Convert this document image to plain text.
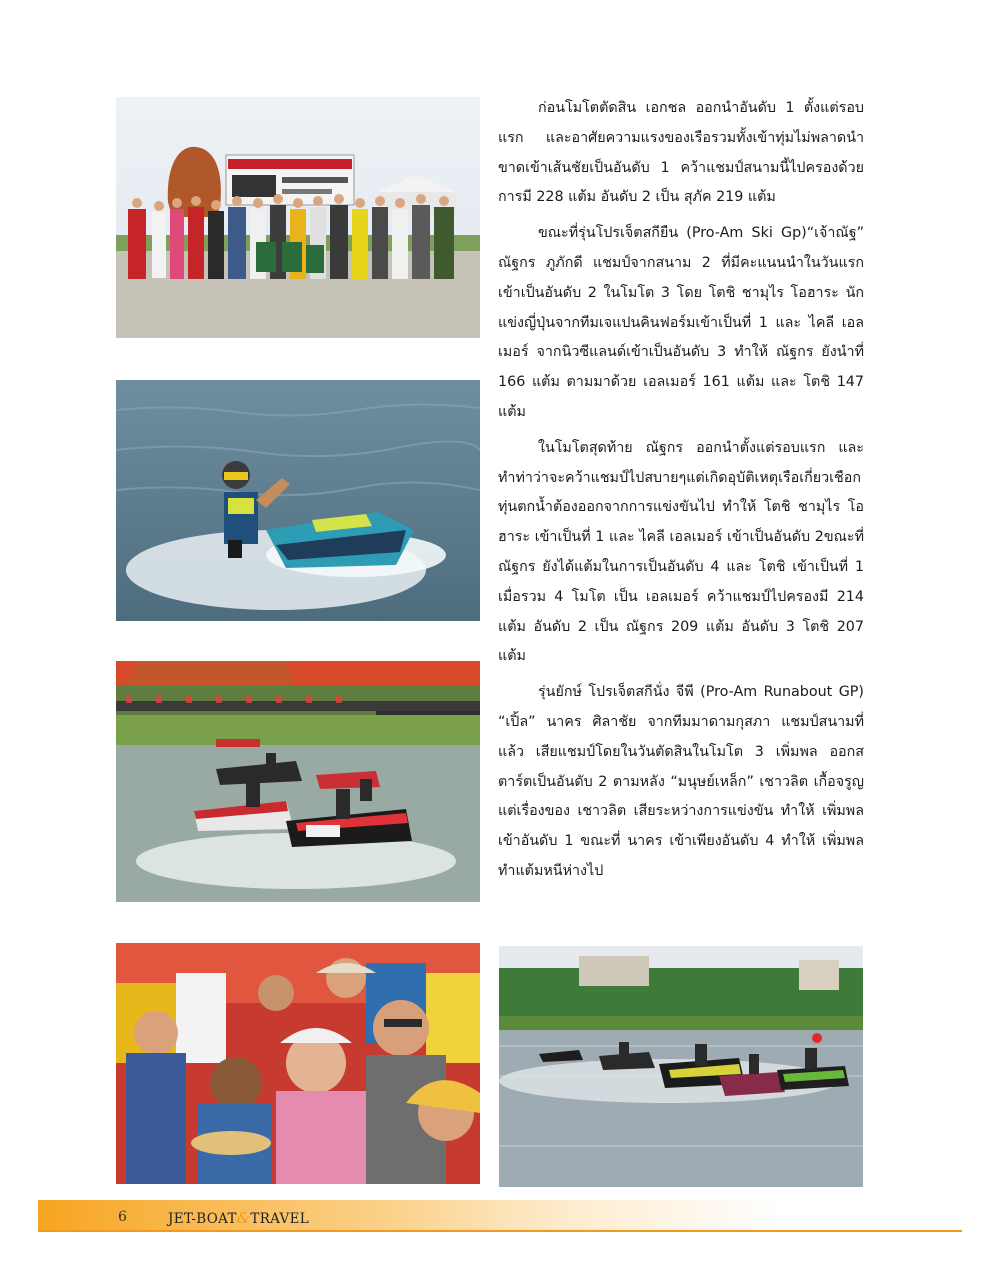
ก่อนโมโตตัดสิน เอกชล ออกนำอันดับ 1 ตั้งแต่รอบแรก และอาศัยความแรงของเรือรวมทั้งเข้าทุ่มไม่พลาดนำขาดเข้าเส้นชัยเป็นอันดับ 1 คว้าแชมป์สนามนี้ไปครองด้วยการมี 228 แต้ม อันดับ 2 เป็น สุภัค 219 แต้ม

ขณะที่รุ่นโปรเจ็ตสกียืน (Pro-Am Ski Gp)“เจ้าณัฐ” ณัฐกร ภูภักดี แชมป์จากสนาม 2 ที่มีคะแนนนำในวันแรก เข้าเป็นอันดับ 2 ในโมโต 3 โดย โตชิ ชามุไร โอฮาระ นักแข่งญี่ปุ่นจากทีมเจแปนคินฟอร์มเข้าเป็นที่ 1 และ ไคลี เอลเมอร์ จากนิวซีแลนด์เข้าเป็นอันดับ 3 ทำให้ ณัฐกร ยังนำที่ 166 แต้ม ตามมาด้วย เอลเมอร์ 161 แต้ม และ โตชิ 147 แต้ม

ในโมโตสุดท้าย ณัฐกร ออกนำตั้งแต่รอบแรก และทำท่าว่าจะคว้าแชมป์ไปสบายๆแต่เกิดอุบัติเหตุเรือเกี่ยวเชือกทุ่นตกน้ำต้องออกจากการแข่งขันไป ทำให้ โตชิ ชามุไร โอฮาระ เข้าเป็นที่ 1 และ ไคลี เอลเมอร์ เข้าเป็นอันดับ 2ขณะที่ ณัฐกร ยังได้แต้มในการเป็นอันดับ 4 และ โตชิ เข้าเป็นที่ 1 เมื่อรวม 4 โมโต เป็น เอลเมอร์ คว้าแชมป์ไปครองมี 214 แต้ม อันดับ 2 เป็น ณัฐกร 209 แต้ม อันดับ 3 โตชิ 207 แต้ม

รุ่นยักษ์ โปรเจ็ตสกีนั่ง จีพี (Pro-Am Runabout GP) “เปิ้ล” นาคร ศิลาชัย จากทีมมาดามกุสภา แชมป์สนามที่แล้ว เสียแชมป์โดยในวันตัดสินในโมโต 3 เพิ่มพล ออกสตาร์ตเป็นอันดับ 2 ตามหลัง “มนุษย์เหล็ก” เชาวลิต เกื้อจรูญ แต่เรื่องของ เชาวลิต เสียระหว่างการแข่งขัน ทำให้ เพิ่มพล เข้าอันดับ 1 ขณะที่ นาคร เข้าเพียงอันดับ 4 ทำให้ เพิ่มพล ทำแต้มหนีห่างไป

6	JET-BOAT&TRAVEL
